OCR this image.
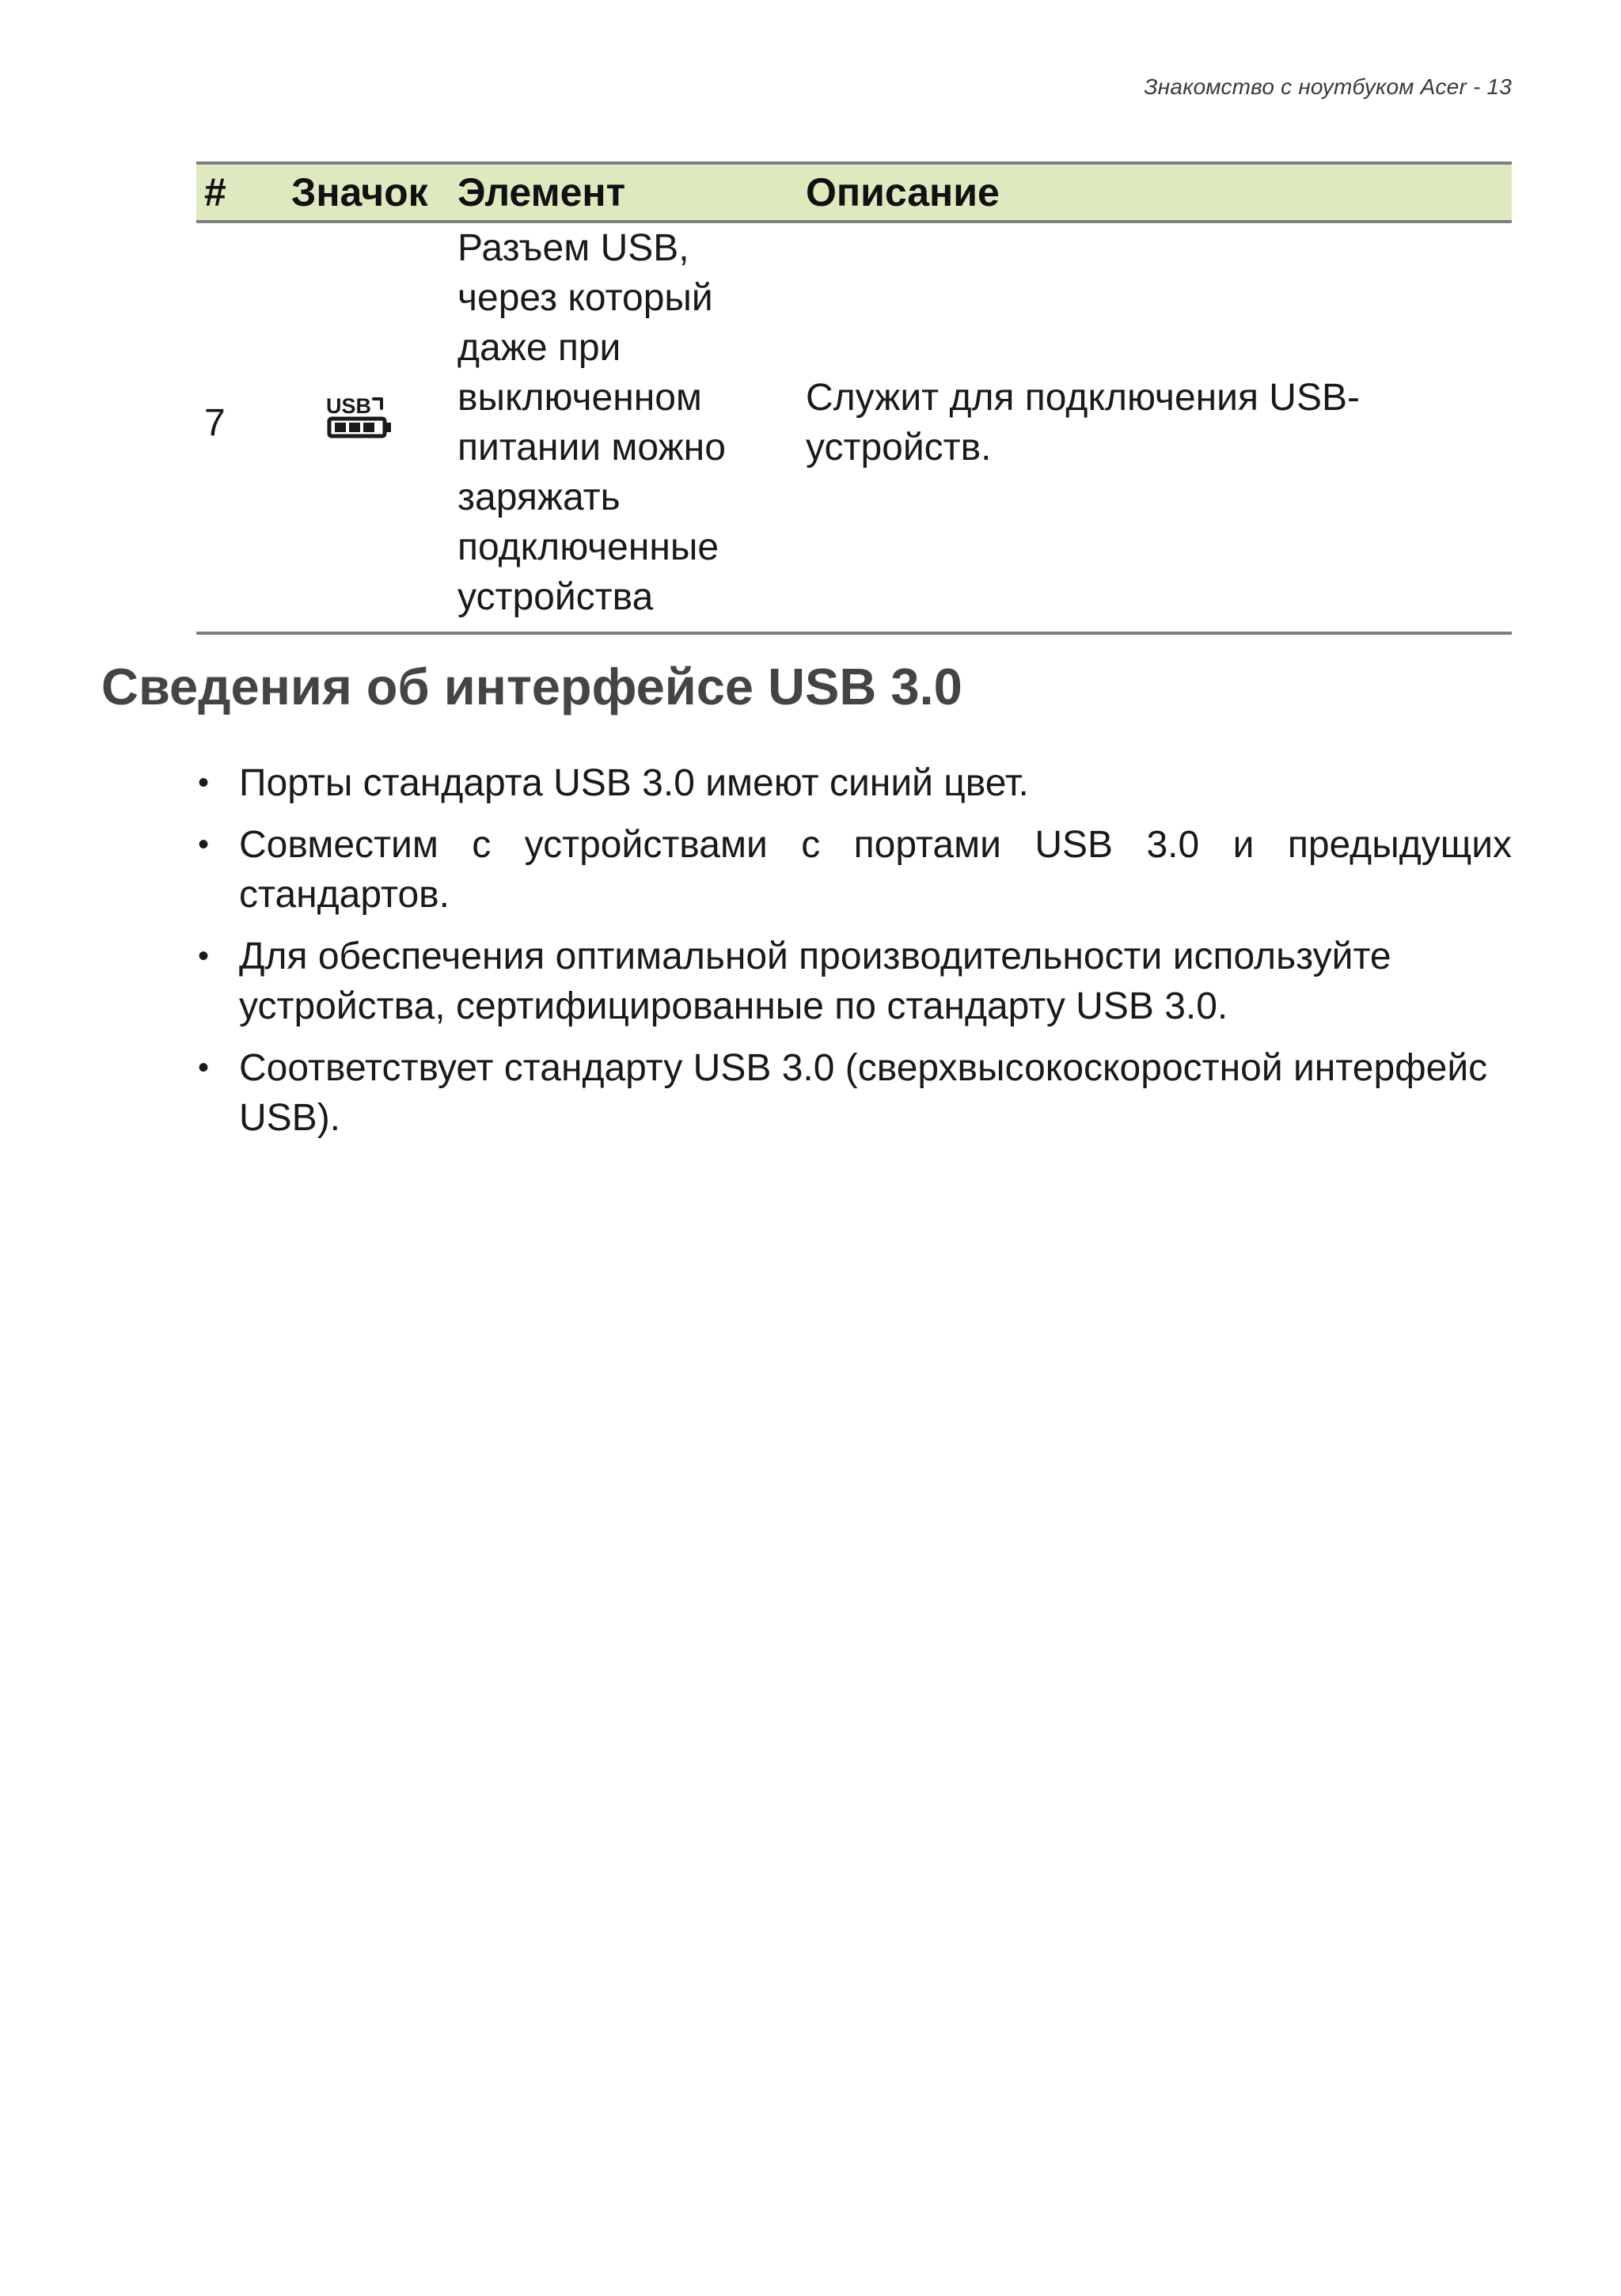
Знакомство с ноутбуком Acer - 13
#	Значок	Элемент	Описание
7	USB	Разъем USB, через который даже при выключенном питании можно заряжать подключенные устройства	Служит для подключения USB-устройств.
Сведения об интерфейсе USB 3.0
• Порты стандарта USB 3.0 имеют синий цвет.
• Совместим с устройствами с портами USB 3.0 и предыдущих стандартов.
• Для обеспечения оптимальной производительности используйте устройства, сертифицированные по стандарту USB 3.0.
• Соответствует стандарту USB 3.0 (сверхвысокоскоростной интерфейс USB).
